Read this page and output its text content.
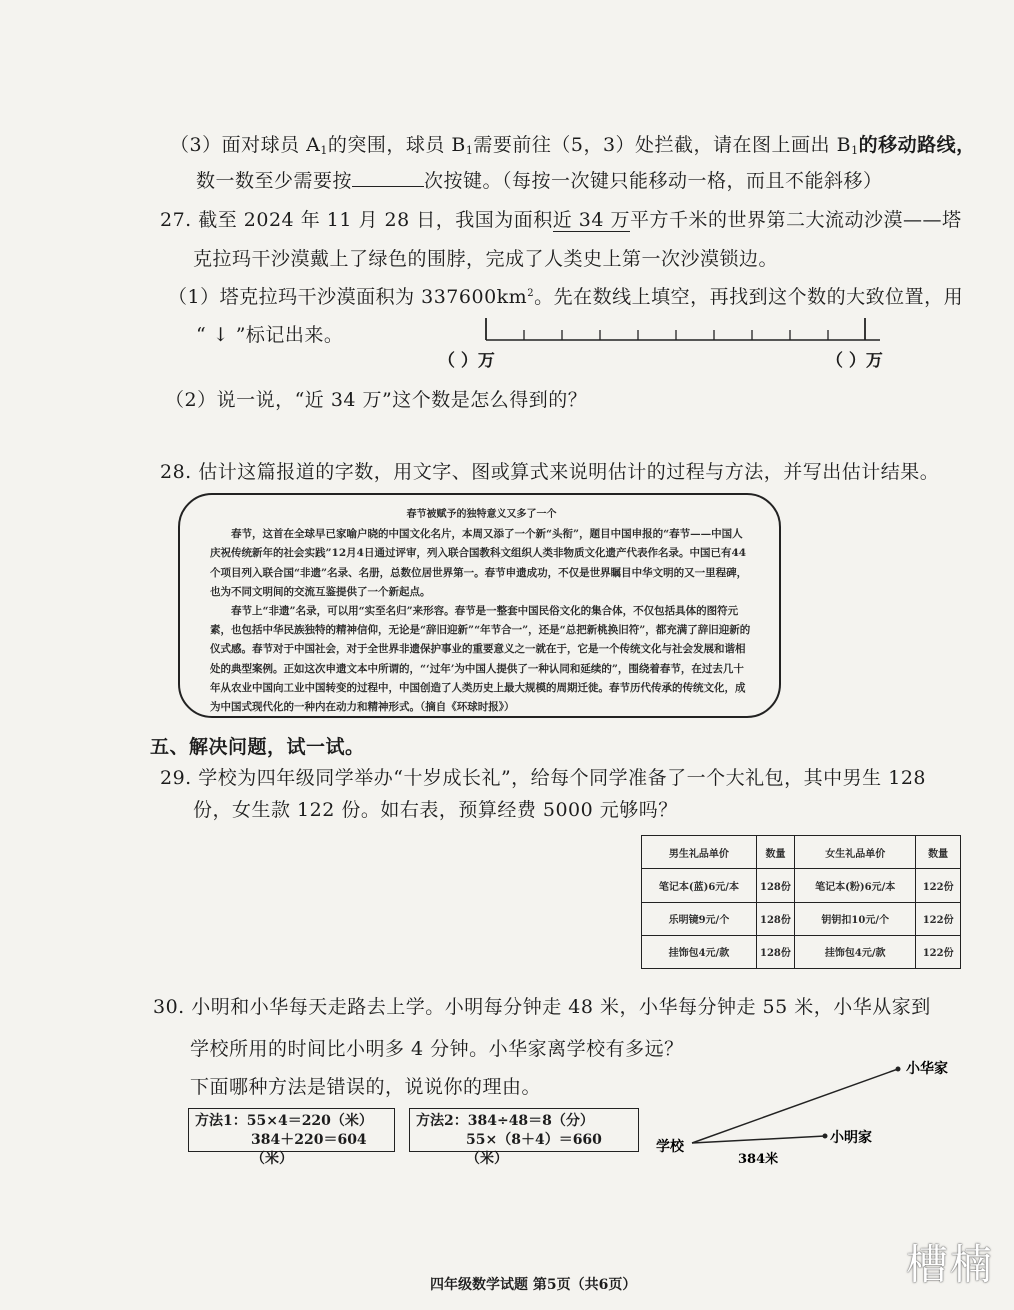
（3）面对球员 $A_1$的突围，球员 $B_1$需要前往（5，3）处拦截，请在图上画出 $B_1$的移动路线，
数一数至少需要按	次按键。（每按一次键只能移动一格，而且不能斜移）
27. 截至 2024 年 11 月 28 日，我国为面积近 34 万平方千米的世界第二大流动沙漠——塔
克拉玛干沙漠戴上了绿色的围脖，完成了人类史上第一次沙漠锁边。
（1）塔克拉玛干沙漠面积为 $337600km^2$。先在数线上填空，再找到这个数的大致位置，用
“ ↓ ”标记出来。
（ ）万	（ ）万
（2）说一说，“近 34 万”这个数是怎么得到的？
28. 估计这篇报道的字数，用文字、图或算式来说明估计的过程与方法，并写出估计结果。
春节被赋予的独特意义又多了一个

春节，这首在全球早已家喻户晓的中国文化名片，本周又添了一个新“头衔”，题目中国申报的“春节——中国人庆祝传统新年的社会实践”12月4日通过评审，列入联合国教科文组织人类非物质文化遗产代表作名录。中国已有44个项目列入联合国“非遗”名录、名册，总数位居世界第一。春节申遗成功，不仅是世界瞩目中华文明的又一里程碑，也为不同文明间的交流互鉴提供了一个新起点。

春节上“非遗”名录，可以用“实至名归”来形容。春节是一整套中国民俗文化的集合体，不仅包括具体的图符元素，也包括中华民族独特的精神信仰，无论是“辞旧迎新”“年节合一”，还是“总把新桃换旧符”，都充满了辞旧迎新的仪式感。春节对于中国社会，对于全世界非遗保护事业的重要意义之一就在于，它是一个传统文化与社会发展和谐相处的典型案例。正如这次申遗文本中所谓的，“‘过年’为中国人提供了一种认同和延续的”，围绕着春节，在过去几十年从农业中国向工业中国转变的过程中，中国创造了人类历史上最大规模的周期迁徙。春节历代传承的传统文化，成为中国式现代化的一种内在动力和精神形式。（摘自《环球时报》）

五、解决问题，试一试。
29. 学校为四年级同学举办“十岁成长礼”，给每个同学准备了一个大礼包，其中男生 128
份，女生款 122 份。如右表，预算经费 5000 元够吗？
男生礼品单价	数量	女生礼品单价	数量
笔记本(蓝)6元/本	128份	笔记本(粉)6元/本	122份
乐明镜9元/个	128份	钥钥扣10元/个	122份
挂饰包4元/款	128份	挂饰包4元/款	122份
30. 小明和小华每天走路去上学。小明每分钟走 48 米，小华每分钟走 55 米，小华从家到
学校所用的时间比小明多 4 分钟。小华家离学校有多远？
下面哪种方法是错误的，说说你的理由。
方法1：55×4＝220（米）
384＋220＝604（米）
方法2：384÷48＝8（分）
55×（8＋4）＝660（米）
学校
小华家
小明家
384米
槽楠
四年级数学试题 第5页（共6页）
